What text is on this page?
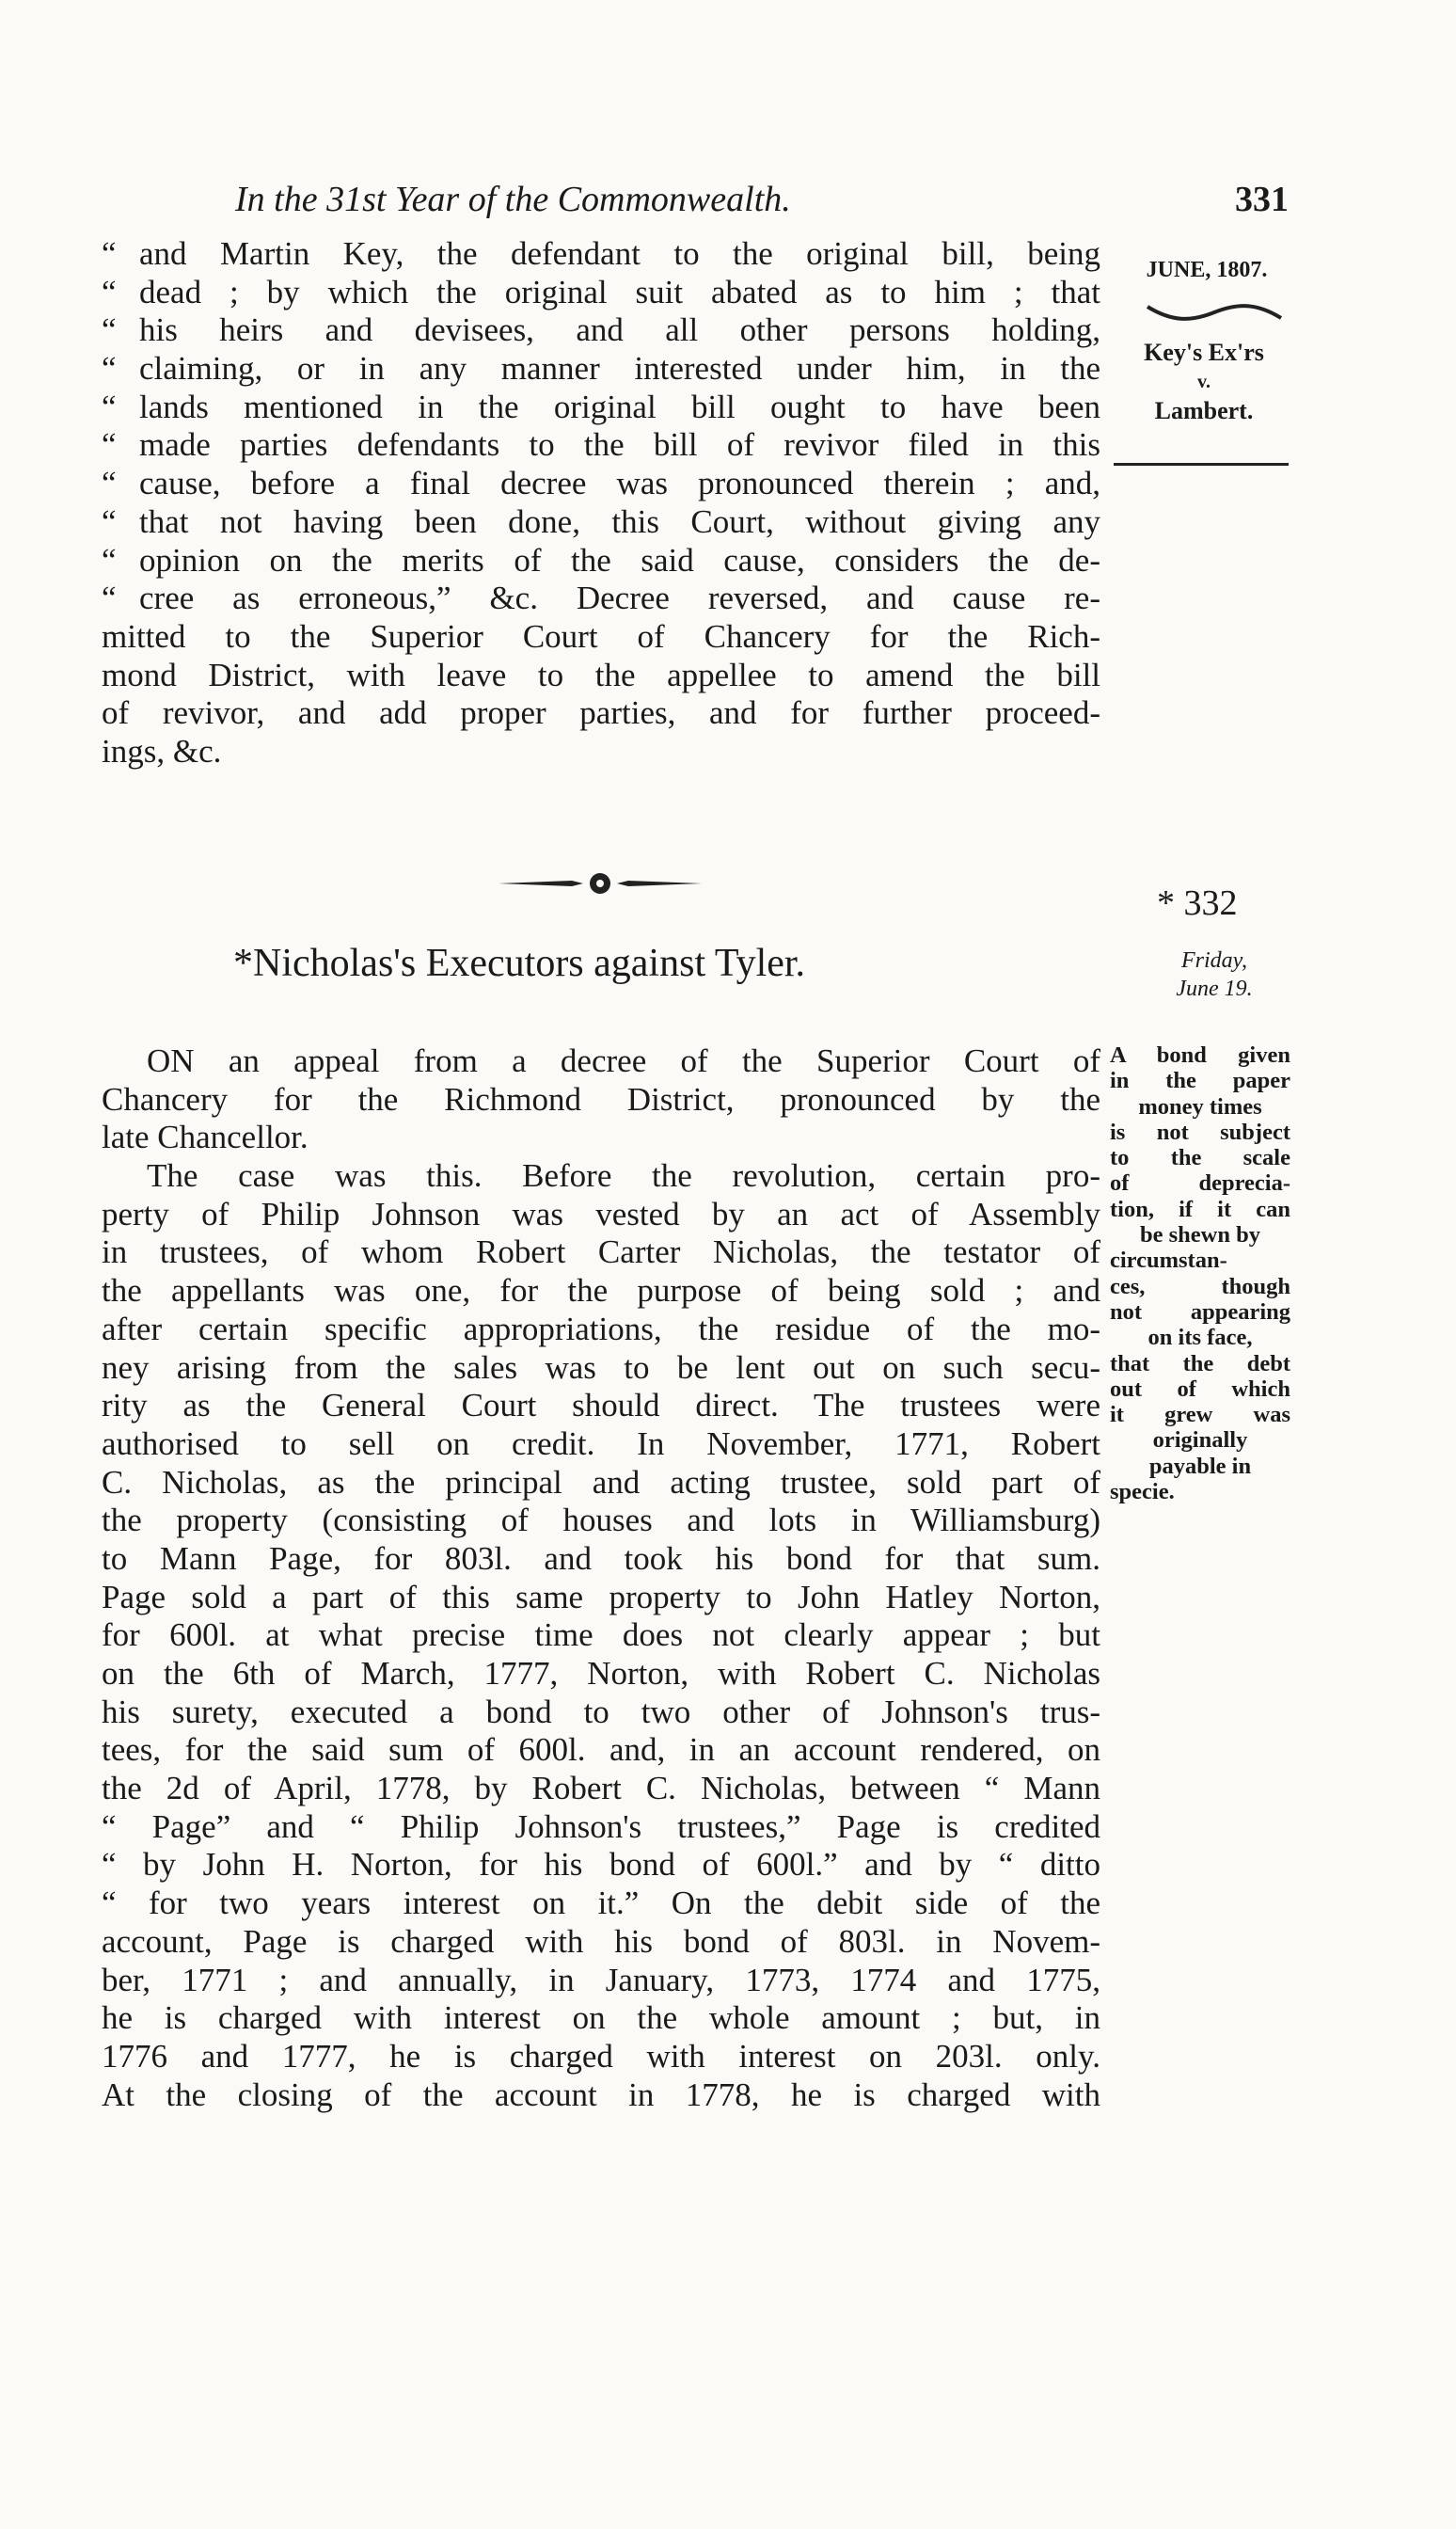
In the 31st Year of the Commonwealth.	331
JUNE, 1807.
Key's Ex'rs
v.
Lambert.
“ and Martin Key, the defendant to the original bill, being
“ dead ; by which the original suit abated as to him ; that
“ his heirs and devisees, and all other persons holding,
“ claiming, or in any manner interested under him, in the
“ lands mentioned in the original bill ought to have been
“ made parties defendants to the bill of revivor filed in this
“ cause, before a final decree was pronounced therein ; and,
“ that not having been done, this Court, without giving any
“ opinion on the merits of the said cause, considers the de-
“ cree as erroneous,” &c. Decree reversed, and cause re-
mitted to the Superior Court of Chancery for the Rich-
mond District, with leave to the appellee to amend the bill
of revivor, and add proper parties, and for further proceed-
ings, &c.
* 332
*Nicholas's Executors against Tyler.	Friday,
June 19.
A bond given
in the paper
money times
is not subject
to the scale
of deprecia-
tion, if it can
be shewn by
circumstan-
ces, though
not appearing
on its face,
that the debt
out of which
it grew was
originally
payable in
specie.
ON an appeal from a decree of the Superior Court of
Chancery for the Richmond District, pronounced by the
late Chancellor.
The case was this. Before the revolution, certain pro-
perty of Philip Johnson was vested by an act of Assembly
in trustees, of whom Robert Carter Nicholas, the testator of
the appellants was one, for the purpose of being sold ; and
after certain specific appropriations, the residue of the mo-
ney arising from the sales was to be lent out on such secu-
rity as the General Court should direct. The trustees were
authorised to sell on credit. In November, 1771, Robert
C. Nicholas, as the principal and acting trustee, sold part of
the property (consisting of houses and lots in Williamsburg)
to Mann Page, for 803l. and took his bond for that sum.
Page sold a part of this same property to John Hatley Norton,
for 600l. at what precise time does not clearly appear ; but
on the 6th of March, 1777, Norton, with Robert C. Nicholas
his surety, executed a bond to two other of Johnson's trus-
tees, for the said sum of 600l. and, in an account rendered, on
the 2d of April, 1778, by Robert C. Nicholas, between “ Mann
“ Page” and “ Philip Johnson's trustees,” Page is credited
“ by John H. Norton, for his bond of 600l.” and by “ ditto
“ for two years interest on it.” On the debit side of the
account, Page is charged with his bond of 803l. in Novem-
ber, 1771 ; and annually, in January, 1773, 1774 and 1775,
he is charged with interest on the whole amount ; but, in
1776 and 1777, he is charged with interest on 203l. only.
At the closing of the account in 1778, he is charged with
